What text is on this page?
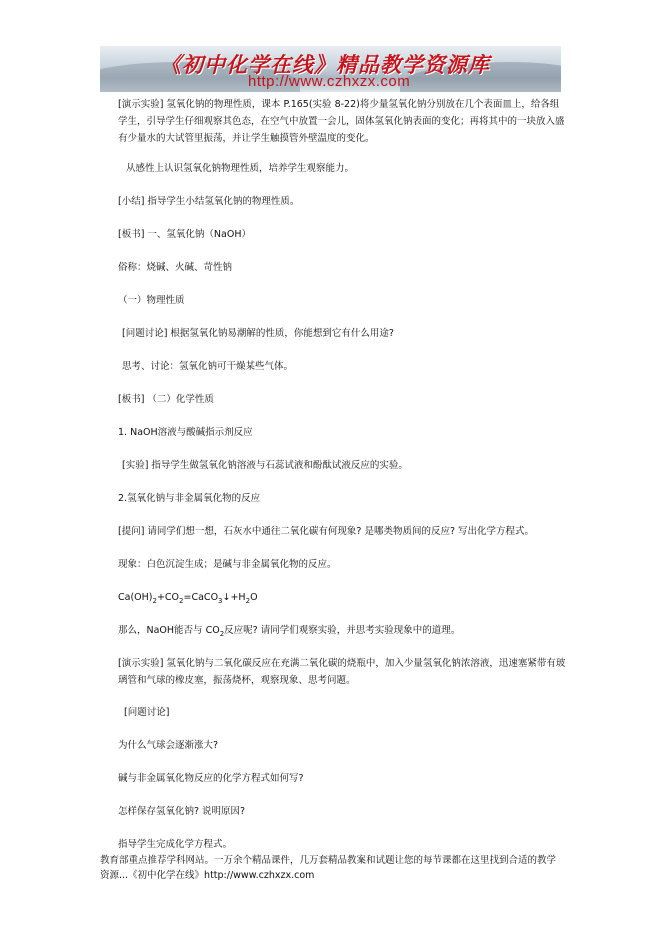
《初中化学在线》精品教学资源库
http://www.czhxzx.com
[演示实验] 氢氧化钠的物理性质，课本 P.165(实验 8-22)将少量氢氧化钠分别放在几个表面皿上，给各组学生，引导学生仔细观察其色态，在空气中放置一会儿，固体氢氧化钠表面的变化；再将其中的一块放入盛有少量水的大试管里振荡，并让学生触摸管外壁温度的变化。
从感性上认识氢氧化钠物理性质，培养学生观察能力。
[小结] 指导学生小结氢氧化钠的物理性质。
[板书] 一、氢氧化钠（NaOH）
俗称：烧碱、火碱、苛性钠
（一）物理性质
[问题讨论] 根据氢氧化钠易潮解的性质，你能想到它有什么用途?
思考、讨论：氢氧化钠可干燥某些气体。
[板书] （二）化学性质
1. NaOH溶液与酸碱指示剂反应
[实验] 指导学生做氢氧化钠溶液与石蕊试液和酚酞试液反应的实验。
2.氢氧化钠与非金属氧化物的反应
[提问] 请同学们想一想，石灰水中通往二氧化碳有何现象? 是哪类物质间的反应? 写出化学方程式。
现象：白色沉淀生成；是碱与非金属氧化物的反应。
$Ca(OH)_2+CO_2=CaCO_3↓+H_2O$
那么，NaOH能否与 $CO_2$反应呢? 请同学们观察实验，并思考实验现象中的道理。
[演示实验] 氢氧化钠与二氧化碳反应在充满二氧化碳的烧瓶中，加入少量氢氧化钠浓溶液，迅速塞紧带有玻璃管和气球的橡皮塞，振荡烧杯，观察现象、思考问题。
[问题讨论]
为什么气球会逐渐涨大?
碱与非金属氧化物反应的化学方程式如何写?
怎样保存氢氧化钠? 说明原因?
指导学生完成化学方程式。
教育部重点推荐学科网站。一万余个精品课件，几万套精品教案和试题让您的每节课都在这里找到合适的教学资源...《初中化学在线》http://www.czhxzx.com
